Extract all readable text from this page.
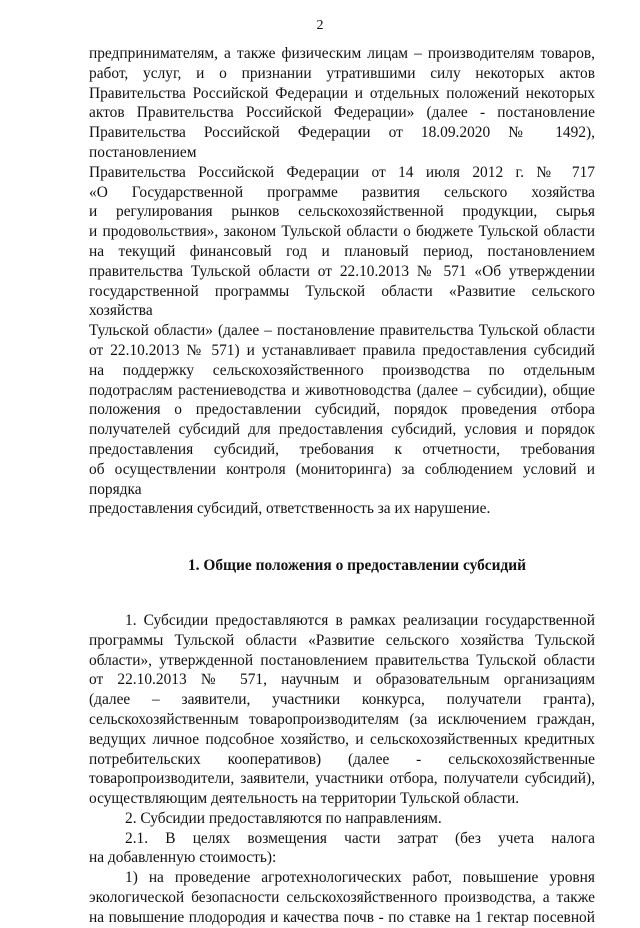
2
предпринимателям, а также физическим лицам – производителям товаров,
работ, услуг, и о признании утратившими силу некоторых актов
Правительства Российской Федерации и отдельных положений некоторых
актов Правительства Российской Федерации» (далее - постановление
Правительства Российской Федерации от 18.09.2020 № 1492), постановлением
Правительства Российской Федерации от 14 июля 2012 г. № 717
«О Государственной программе развития сельского хозяйства
и регулирования рынков сельскохозяйственной продукции, сырья
и продовольствия», законом Тульской области о бюджете Тульской области
на текущий финансовый год и плановый период, постановлением
правительства Тульской области от 22.10.2013 № 571 «Об утверждении
государственной программы Тульской области «Развитие сельского хозяйства
Тульской области» (далее – постановление правительства Тульской области
от 22.10.2013 № 571) и устанавливает правила предоставления субсидий
на поддержку сельскохозяйственного производства по отдельным
подотраслям растениеводства и животноводства (далее – субсидии), общие
положения о предоставлении субсидий, порядок проведения отбора
получателей субсидий для предоставления субсидий, условия и порядок
предоставления субсидий, требования к отчетности, требования
об осуществлении контроля (мониторинга) за соблюдением условий и порядка
предоставления субсидий, ответственность за их нарушение.
1. Общие положения о предоставлении субсидий
1. Субсидии предоставляются в рамках реализации государственной
программы Тульской области «Развитие сельского хозяйства Тульской
области», утвержденной постановлением правительства Тульской области
от 22.10.2013 № 571, научным и образовательным организациям
(далее – заявители, участники конкурса, получатели гранта),
сельскохозяйственным товаропроизводителям (за исключением граждан,
ведущих личное подсобное хозяйство, и сельскохозяйственных кредитных
потребительских кооперативов) (далее - сельскохозяйственные
товаропроизводители, заявители, участники отбора, получатели субсидий),
осуществляющим деятельность на территории Тульской области.
2. Субсидии предоставляются по направлениям.
2.1. В целях возмещения части затрат (без учета налога
на добавленную стоимость):
1) на проведение агротехнологических работ, повышение уровня
экологической безопасности сельскохозяйственного производства, а также
на повышение плодородия и качества почв - по ставке на 1 гектар посевной
